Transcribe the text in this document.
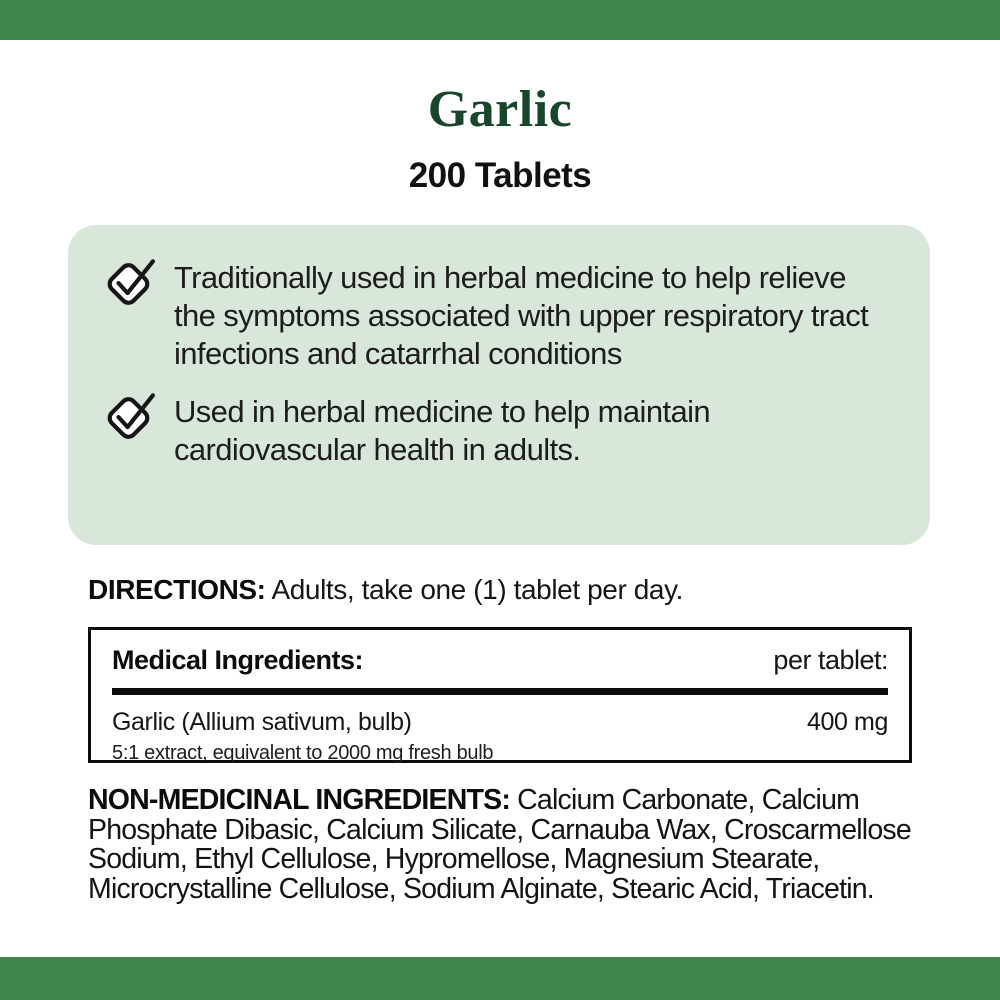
Garlic
200 Tablets
Traditionally used in herbal medicine to help relieve the symptoms associated with upper respiratory tract infections and catarrhal conditions
Used in herbal medicine to help maintain cardiovascular health in adults.
DIRECTIONS: Adults, take one (1) tablet per day.
Medical Ingredients:	per tablet:
Garlic (Allium sativum, bulb)	400 mg
5:1 extract, equivalent to 2000 mg fresh bulb
NON-MEDICINAL INGREDIENTS: Calcium Carbonate, Calcium Phosphate Dibasic, Calcium Silicate, Carnauba Wax, Croscarmellose Sodium, Ethyl Cellulose, Hypromellose, Magnesium Stearate, Microcrystalline Cellulose, Sodium Alginate, Stearic Acid, Triacetin.
